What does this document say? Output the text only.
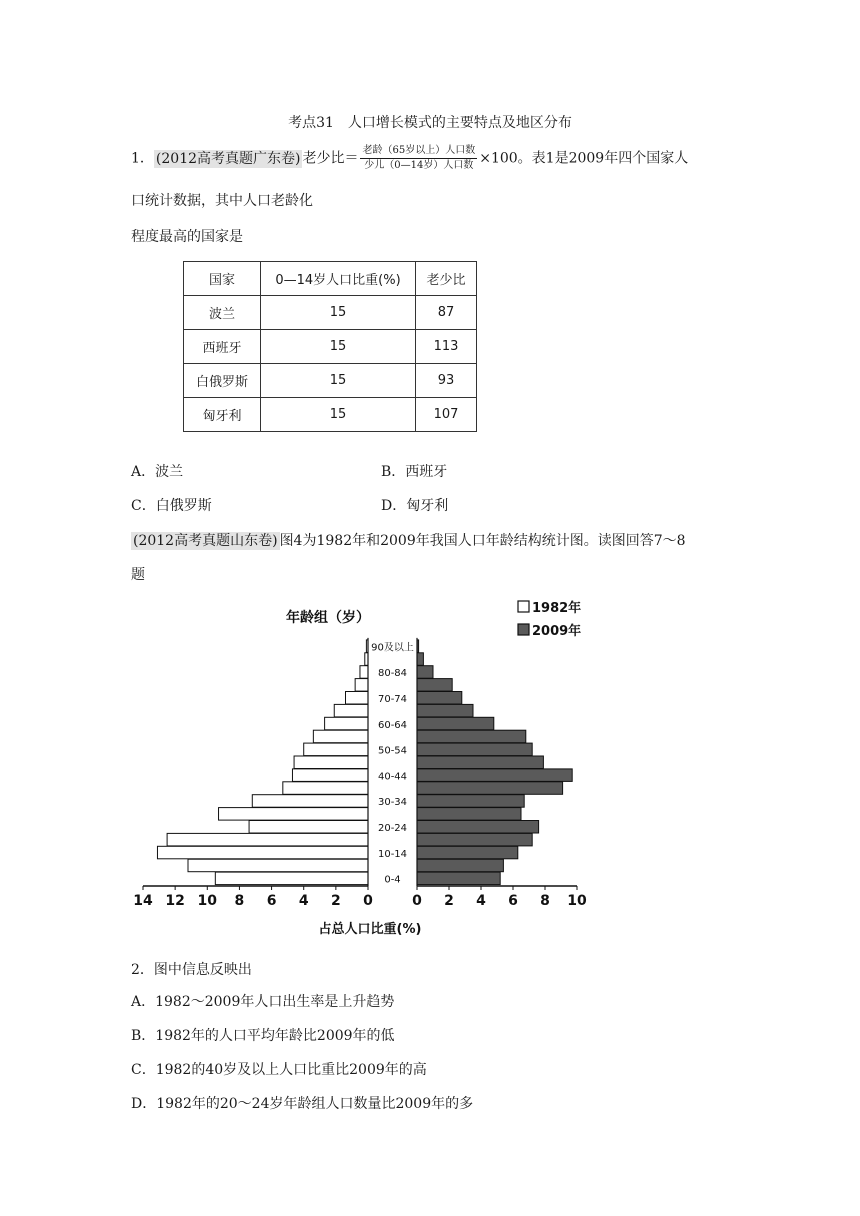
考点31　人口增长模式的主要特点及地区分布
1． (2012高考真题广东卷) 老少比＝ $\frac{\text{老龄（65岁以上）人口数}}{\text{少儿（0—14岁）人口数}} \times 100$。表1是2009年四个国家人
口统计数据，其中人口老龄化
程度最高的国家是
国家	0—14岁人口比重(%)	老少比
波兰	15	87
西班牙	15	113
白俄罗斯	15	93
匈牙利	15	107
A．波兰	B．西班牙
C．白俄罗斯	D．匈牙利
(2012高考真题山东卷) 图4为1982年和2009年我国人口年龄结构统计图。读图回答7～8
题
年龄组（岁）
1982年
2009年
0-4
10-14
20-24
30-34
40-44
50-54
60-64
70-74
80-84
90及以上
14 12 10 8 6 4 2 0	0 2 4 6 8 10
占总人口比重(%)
2．图中信息反映出
A．1982～2009年人口出生率是上升趋势
B．1982年的人口平均年龄比2009年的低
C．1982的40岁及以上人口比重比2009年的高
D．1982年的20～24岁年龄组人口数量比2009年的多
